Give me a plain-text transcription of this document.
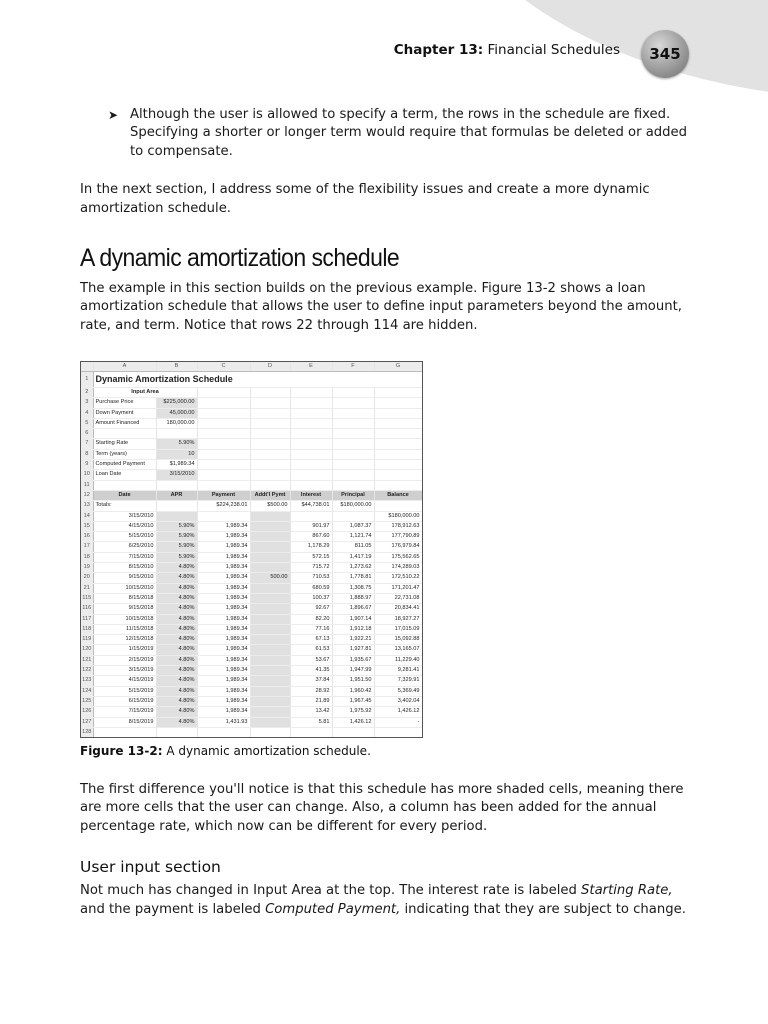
Chapter 13: Financial Schedules	345
➤ Although the user is allowed to specify a term, the rows in the schedule are fixed. Specifying a shorter or longer term would require that formulas be deleted or added to compensate.

In the next section, I address some of the flexibility issues and create a more dynamic amortization schedule.

A dynamic amortization schedule

The example in this section builds on the previous example. Figure 13-2 shows a loan amortization schedule that allows the user to define input parameters beyond the amount, rate, and term. Notice that rows 22 through 114 are hidden.

	A	B	C	D	E	F	G
1	Dynamic Amortization Schedule						
2	Input Area						
3	Purchase Price	$225,000.00					
4	Down Payment	45,000.00					
5	Amount Financed	180,000.00					
6							
7	Starting Rate	5.90%					
8	Term (years)	10					
9	Computed Payment	$1,989.34					
10	Loan Date	3/15/2010					
11							
12	Date	APR	Payment	Addt'l Pymt	Interest	Principal	Balance
13	Totals:		$224,238.01	$500.00	$44,738.01	$180,000.00	
14	3/15/2010						$180,000.00
15	4/15/2010	5.90%	1,989.34		901.97	1,087.37	178,912.63
16	5/15/2010	5.90%	1,989.34		867.60	1,121.74	177,790.89
17	6/25/2010	5.90%	1,989.34		1,178.29	811.05	176,979.84
18	7/15/2010	5.90%	1,989.34		572.15	1,417.19	175,562.65
19	8/15/2010	4.80%	1,989.34		715.72	1,273.62	174,289.03
20	9/15/2010	4.80%	1,989.34	500.00	710.53	1,778.81	172,510.22
21	10/15/2010	4.80%	1,989.34		680.59	1,308.75	171,201.47
115	8/15/2018	4.80%	1,989.34		100.37	1,888.97	22,731.08
116	9/15/2018	4.80%	1,989.34		92.67	1,896.67	20,834.41
117	10/15/2018	4.80%	1,989.34		82.20	1,907.14	18,927.27
118	11/15/2018	4.80%	1,989.34		77.16	1,912.18	17,015.09
119	12/15/2018	4.80%	1,989.34		67.13	1,922.21	15,092.88
120	1/15/2019	4.80%	1,989.34		61.53	1,927.81	13,165.07
121	2/15/2019	4.80%	1,989.34		53.67	1,935.67	11,229.40
122	3/15/2019	4.80%	1,989.34		41.35	1,947.99	9,281.41
123	4/15/2019	4.80%	1,989.34		37.84	1,951.50	7,329.91
124	5/15/2019	4.80%	1,989.34		28.92	1,960.42	5,369.49
125	6/15/2019	4.80%	1,989.34		21.89	1,967.45	3,402.04
126	7/15/2019	4.80%	1,989.34		13.42	1,975.92	1,426.12
127	8/15/2019	4.80%	1,431.93		5.81	1,426.12	-
128							
Figure 13-2: A dynamic amortization schedule.

The first difference you'll notice is that this schedule has more shaded cells, meaning there are more cells that the user can change. Also, a column has been added for the annual percentage rate, which now can be different for every period.

User input section

Not much has changed in Input Area at the top. The interest rate is labeled Starting Rate, and the payment is labeled Computed Payment, indicating that they are subject to change.
